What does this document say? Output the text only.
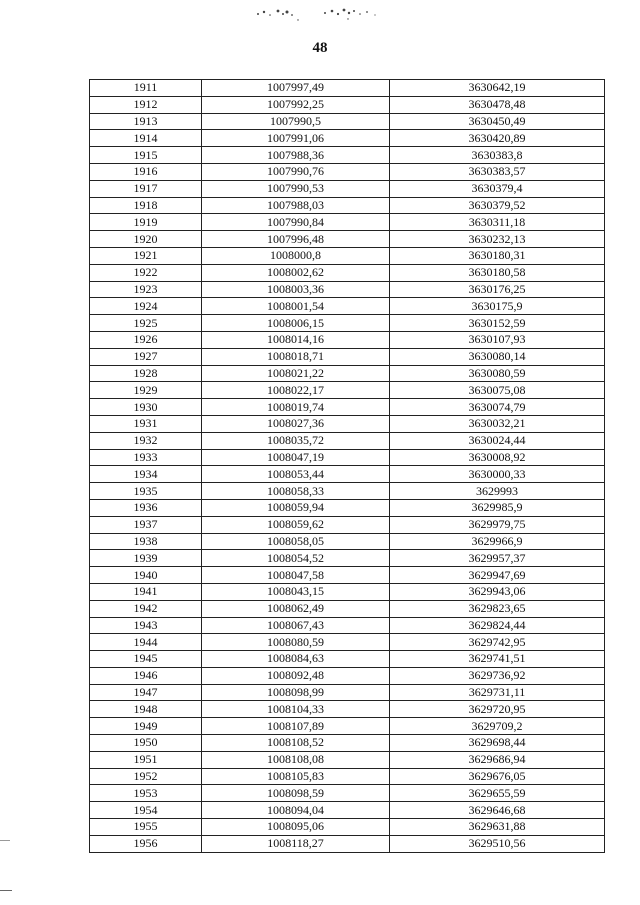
48
1911	1007997,49	3630642,19
1912	1007992,25	3630478,48
1913	1007990,5	3630450,49
1914	1007991,06	3630420,89
1915	1007988,36	3630383,8
1916	1007990,76	3630383,57
1917	1007990,53	3630379,4
1918	1007988,03	3630379,52
1919	1007990,84	3630311,18
1920	1007996,48	3630232,13
1921	1008000,8	3630180,31
1922	1008002,62	3630180,58
1923	1008003,36	3630176,25
1924	1008001,54	3630175,9
1925	1008006,15	3630152,59
1926	1008014,16	3630107,93
1927	1008018,71	3630080,14
1928	1008021,22	3630080,59
1929	1008022,17	3630075,08
1930	1008019,74	3630074,79
1931	1008027,36	3630032,21
1932	1008035,72	3630024,44
1933	1008047,19	3630008,92
1934	1008053,44	3630000,33
1935	1008058,33	3629993
1936	1008059,94	3629985,9
1937	1008059,62	3629979,75
1938	1008058,05	3629966,9
1939	1008054,52	3629957,37
1940	1008047,58	3629947,69
1941	1008043,15	3629943,06
1942	1008062,49	3629823,65
1943	1008067,43	3629824,44
1944	1008080,59	3629742,95
1945	1008084,63	3629741,51
1946	1008092,48	3629736,92
1947	1008098,99	3629731,11
1948	1008104,33	3629720,95
1949	1008107,89	3629709,2
1950	1008108,52	3629698,44
1951	1008108,08	3629686,94
1952	1008105,83	3629676,05
1953	1008098,59	3629655,59
1954	1008094,04	3629646,68
1955	1008095,06	3629631,88
1956	1008118,27	3629510,56
